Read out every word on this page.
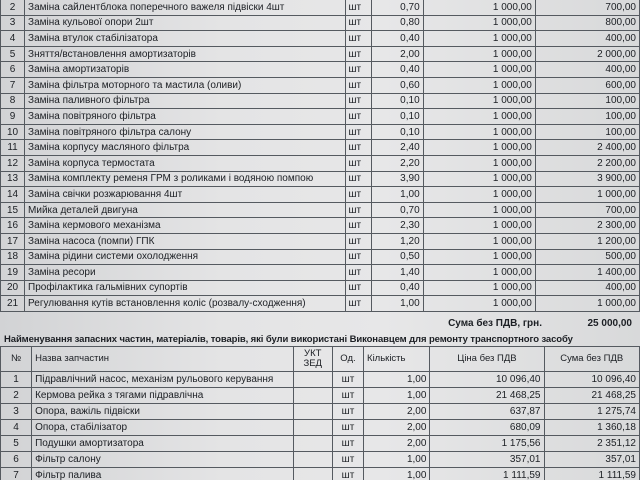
2	Заміна сайлентблока поперечного важеля підвіски 4шт	шт	0,70	1 000,00	700,00
3	Заміна кульової опори 2шт	шт	0,80	1 000,00	800,00
4	Заміна втулок стабілізатора	шт	0,40	1 000,00	400,00
5	Зняття/встановлення амортизаторів	шт	2,00	1 000,00	2 000,00
6	Заміна амортизаторів	шт	0,40	1 000,00	400,00
7	Заміна фільтра моторного та мастила (оливи)	шт	0,60	1 000,00	600,00
8	Заміна паливного фільтра	шт	0,10	1 000,00	100,00
9	Заміна повітряного фільтра	шт	0,10	1 000,00	100,00
10	Заміна повітряного фільтра салону	шт	0,10	1 000,00	100,00
11	Заміна корпусу масляного фільтра	шт	2,40	1 000,00	2 400,00
12	Заміна корпуса термостата	шт	2,20	1 000,00	2 200,00
13	Заміна комплекту ременя ГРМ з роликами і водяною помпою	шт	3,90	1 000,00	3 900,00
14	Заміна свічки розжарювання 4шт	шт	1,00	1 000,00	1 000,00
15	Мийка деталей двигуна	шт	0,70	1 000,00	700,00
16	Заміна кермового механізма	шт	2,30	1 000,00	2 300,00
17	Заміна насоса (помпи) ГПК	шт	1,20	1 000,00	1 200,00
18	Заміна рідини системи охолодження	шт	0,50	1 000,00	500,00
19	Заміна ресори	шт	1,40	1 000,00	1 400,00
20	Профілактика гальмівних супортів	шт	0,40	1 000,00	400,00
21	Регулювання кутів встановлення коліс (розвалу-сходження)	шт	1,00	1 000,00	1 000,00
Сума без ПДВ, грн.	25 000,00
Найменування запасних частин, матеріалів, товарів, які були використані Виконавцем для ремонту транспортного засобу
№	Назва запчастин	УКТ ЗЕД	Од.	Кількість	Ціна без ПДВ	Сума без ПДВ
1	Підравлічний насос, механізм рульового керування		шт	1,00	10 096,40	10 096,40
2	Кермова рейка з тягами підравлічна		шт	1,00	21 468,25	21 468,25
3	Опора, важіль підвіски		шт	2,00	637,87	1 275,74
4	Опора, стабілізатор		шт	2,00	680,09	1 360,18
5	Подушки амортизатора		шт	2,00	1 175,56	2 351,12
6	Фільтр салону		шт	1,00	357,01	357,01
7	Фільтр палива		шт	1,00	1 111,59	1 111,59
